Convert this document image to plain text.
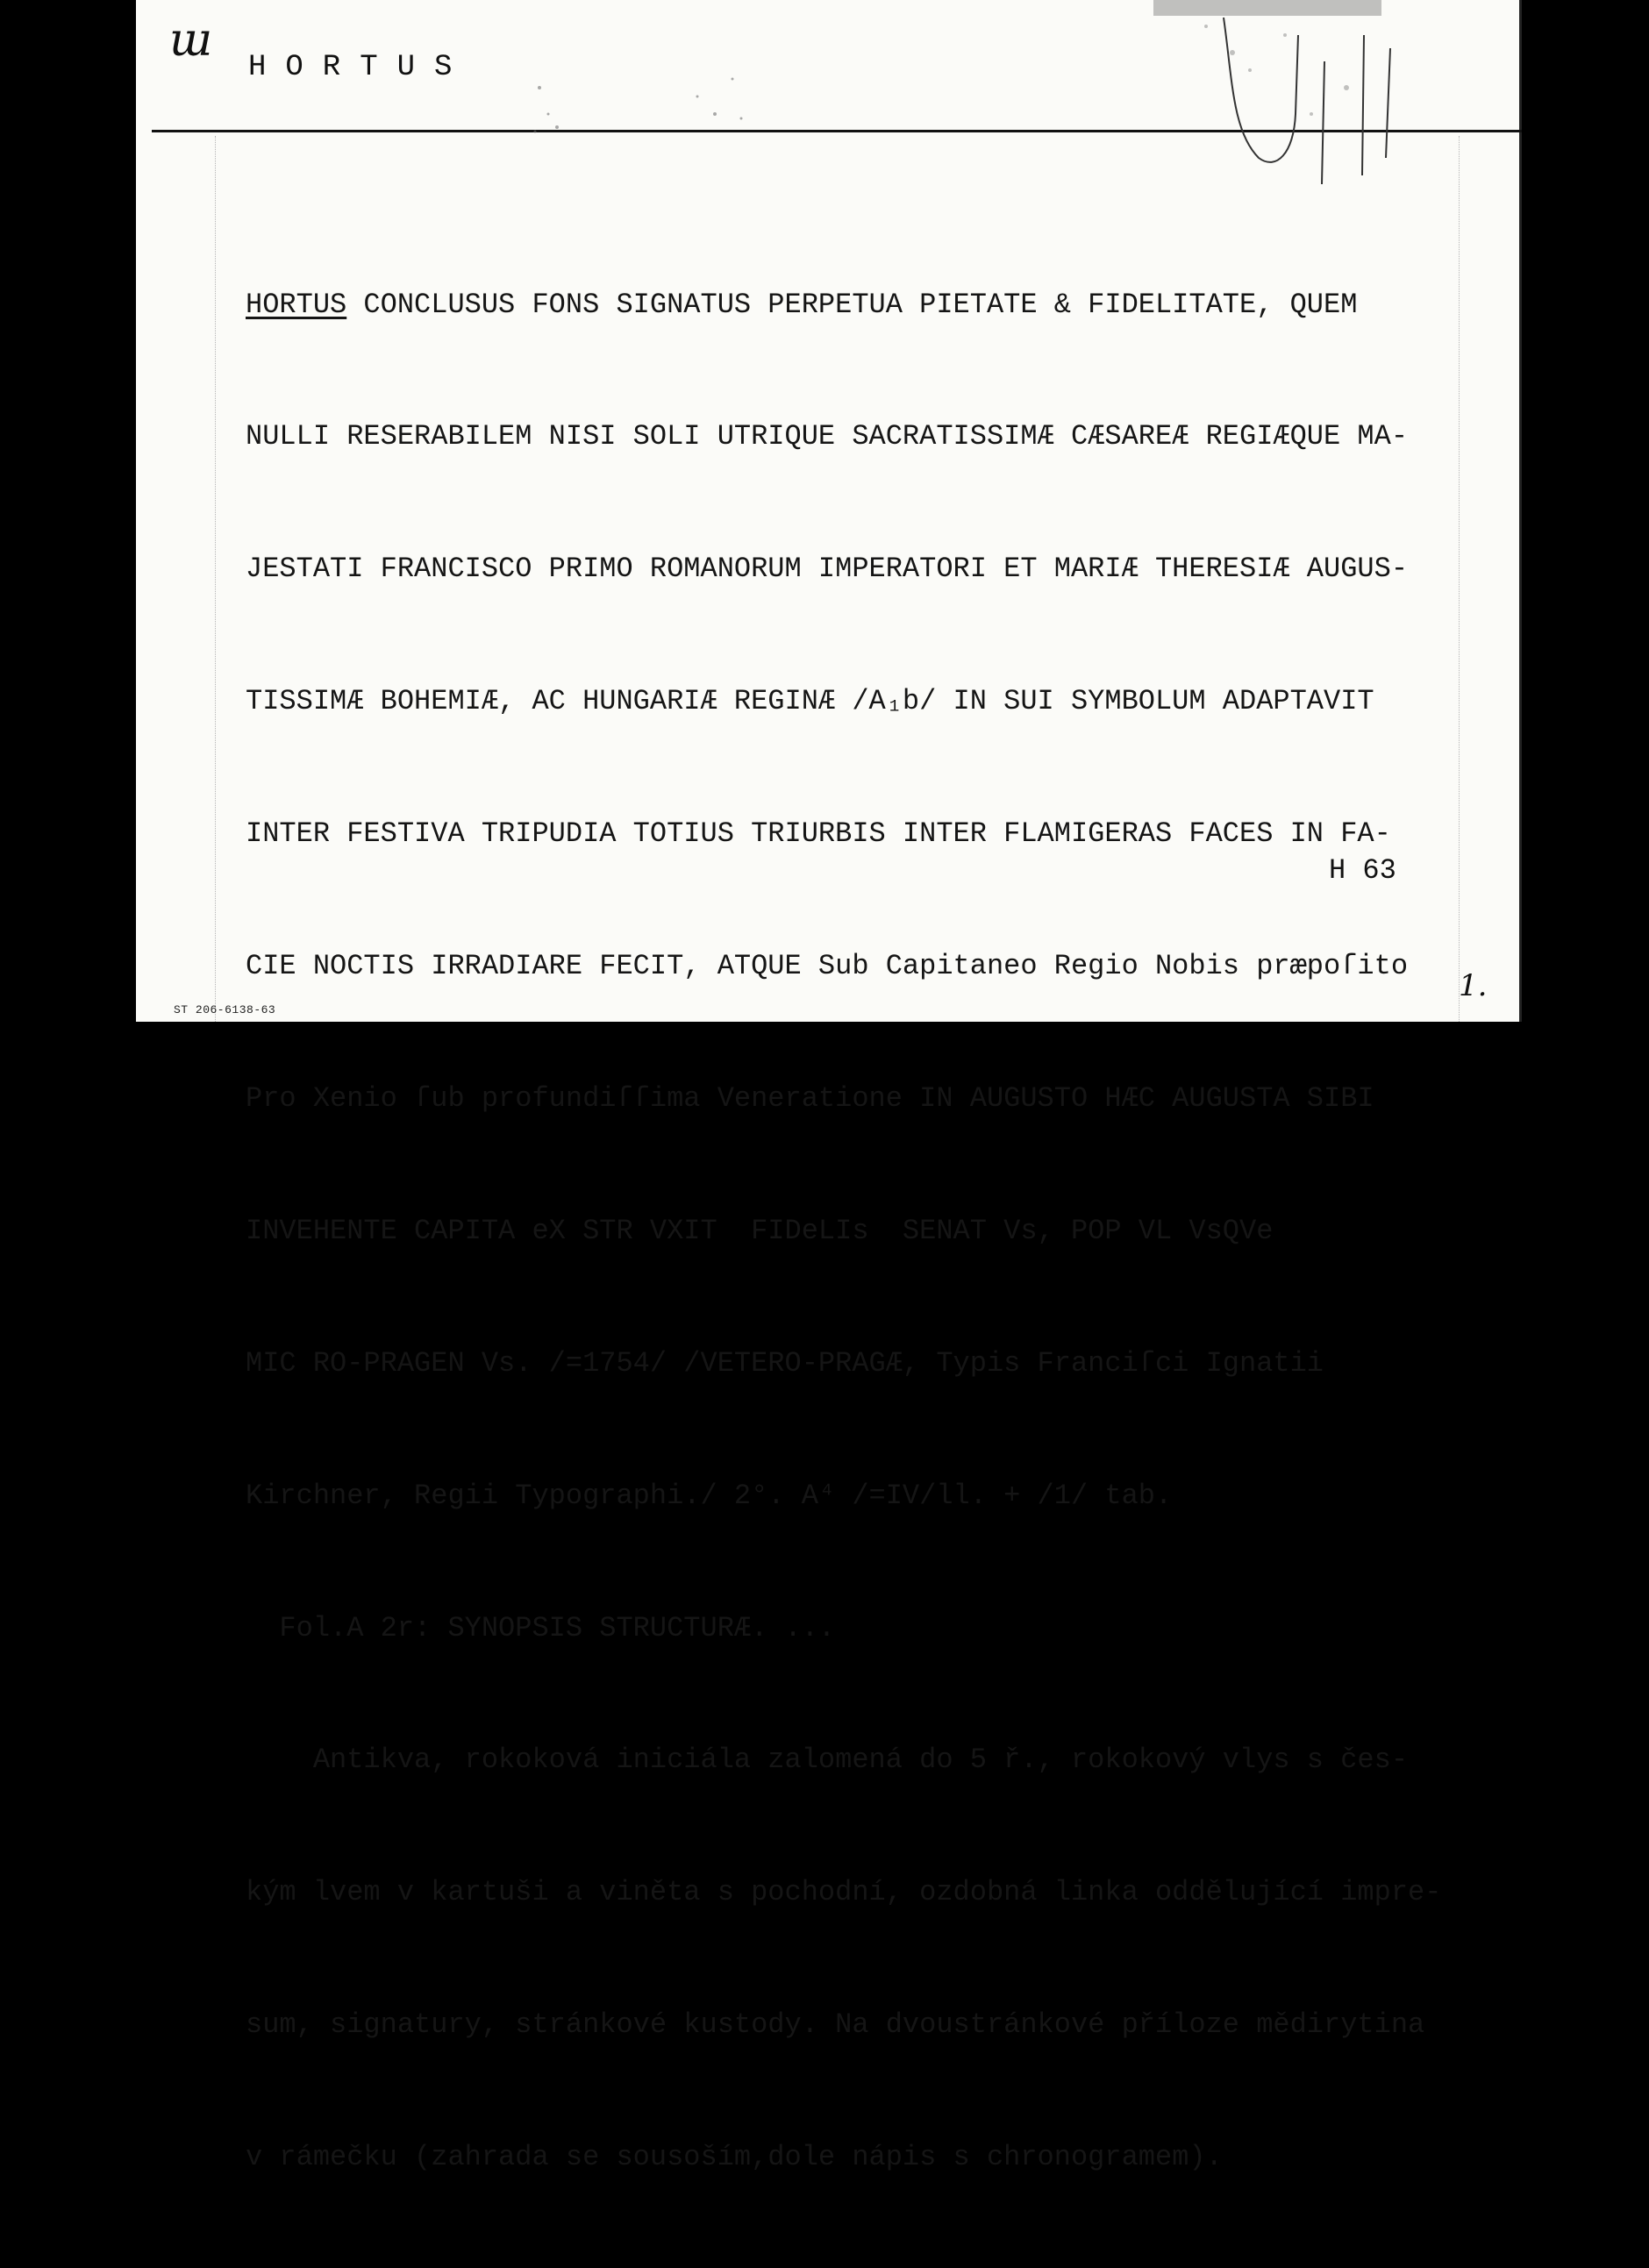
ɯ
HORTUS

HORTUS CONCLUSUS FONS SIGNATUS PERPETUA PIETATE & FIDELITATE, QUEM

NULLI RESERABILEM NISI SOLI UTRIQUE SACRATISSIMÆ CÆSAREÆ REGIÆQUE MA-

JESTATI FRANCISCO PRIMO ROMANORUM IMPERATORI ET MARIÆ THERESIÆ AUGUS-

TISSIMÆ BOHEMIÆ, AC HUNGARIÆ REGINÆ /A₁b/ IN SUI SYMBOLUM ADAPTAVIT

INTER FESTIVA TRIPUDIA TOTIUS TRIURBIS INTER FLAMIGERAS FACES IN FA-

CIE NOCTIS IRRADIARE FECIT, ATQUE Sub Capitaneo Regio Nobis præpoſito

Pro Xenio ſub profundiſſima Veneratione IN AUGUSTO HÆC AUGUSTA SIBI

INVEHENTE CAPITA eX STR VXIT  FIDeLIs  SENAT Vs, POP VL VsQVe

MIC RO-PRAGEN Vs. /=1754/ /VETERO-PRAGÆ, Typis Franciſci Ignatii

Kirchner, Regii Typographi./ 2°. A⁴ /=IV/ll. + /1/ tab.

Fol.A 2r: SYNOPSIS STRUCTURÆ. ...

Antikva, rokoková iniciála zalomená do 5 ř., rokokový vlys s čes-

kým lvem v kartuši a viněta s pochodní, ozdobná linka oddělující impre-

sum, signatury, stránkové kustody. Na dvoustránkové příloze mědirytina

v rámečku (zahrada se sousoším,dole nápis s chronogramem).

H 63
ST 206-6138-63
1.
